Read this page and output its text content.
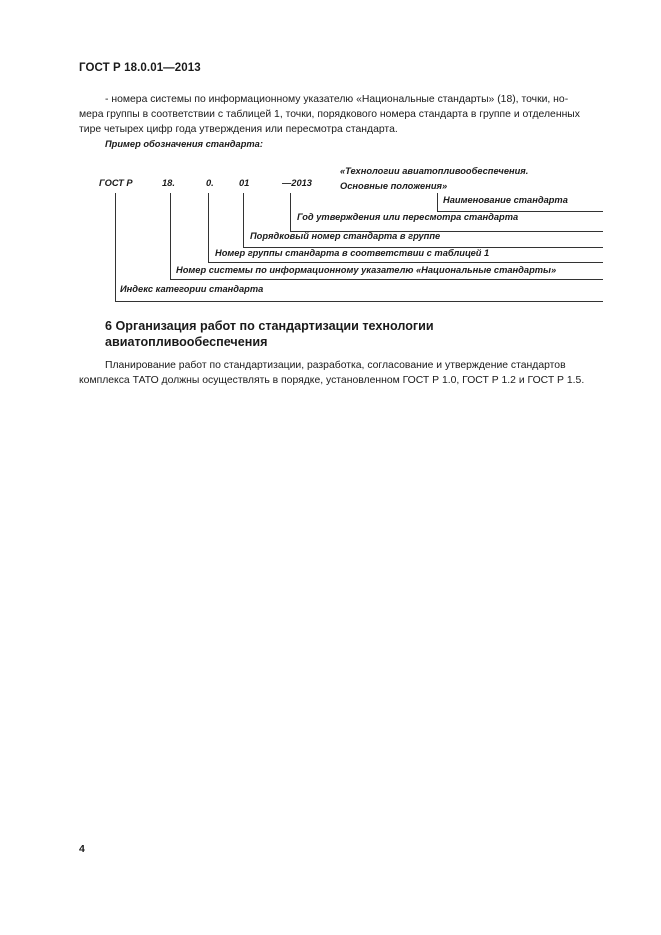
ГОСТ Р 18.0.01—2013
- номера системы по информационному указателю «Национальные стандарты» (18), точки, но-
мера группы в соответствии с таблицей 1, точки, порядкового номера стандарта в группе и отделенных
тире четырех цифр года утверждения или пересмотра стандарта.
Пример обозначения стандарта:
ГОСТ Р	18.	0.	01	—2013
«Технологии авиатопливообеспечения.
Основные положения»
Наименование стандарта
Год утверждения или пересмотра стандарта
Порядковый номер стандарта в группе
Номер группы стандарта в соответствии с таблицей 1
Номер системы по информационному указателю «Национальные стандарты»
Индекс категории стандарта
6 Организация работ по стандартизации технологии
авиатопливообеспечения
Планирование работ по стандартизации, разработка, согласование и утверждение стандартов
комплекса ТАТО должны осуществлять в порядке, установленном ГОСТ Р 1.0, ГОСТ Р 1.2 и ГОСТ Р 1.5.
4
